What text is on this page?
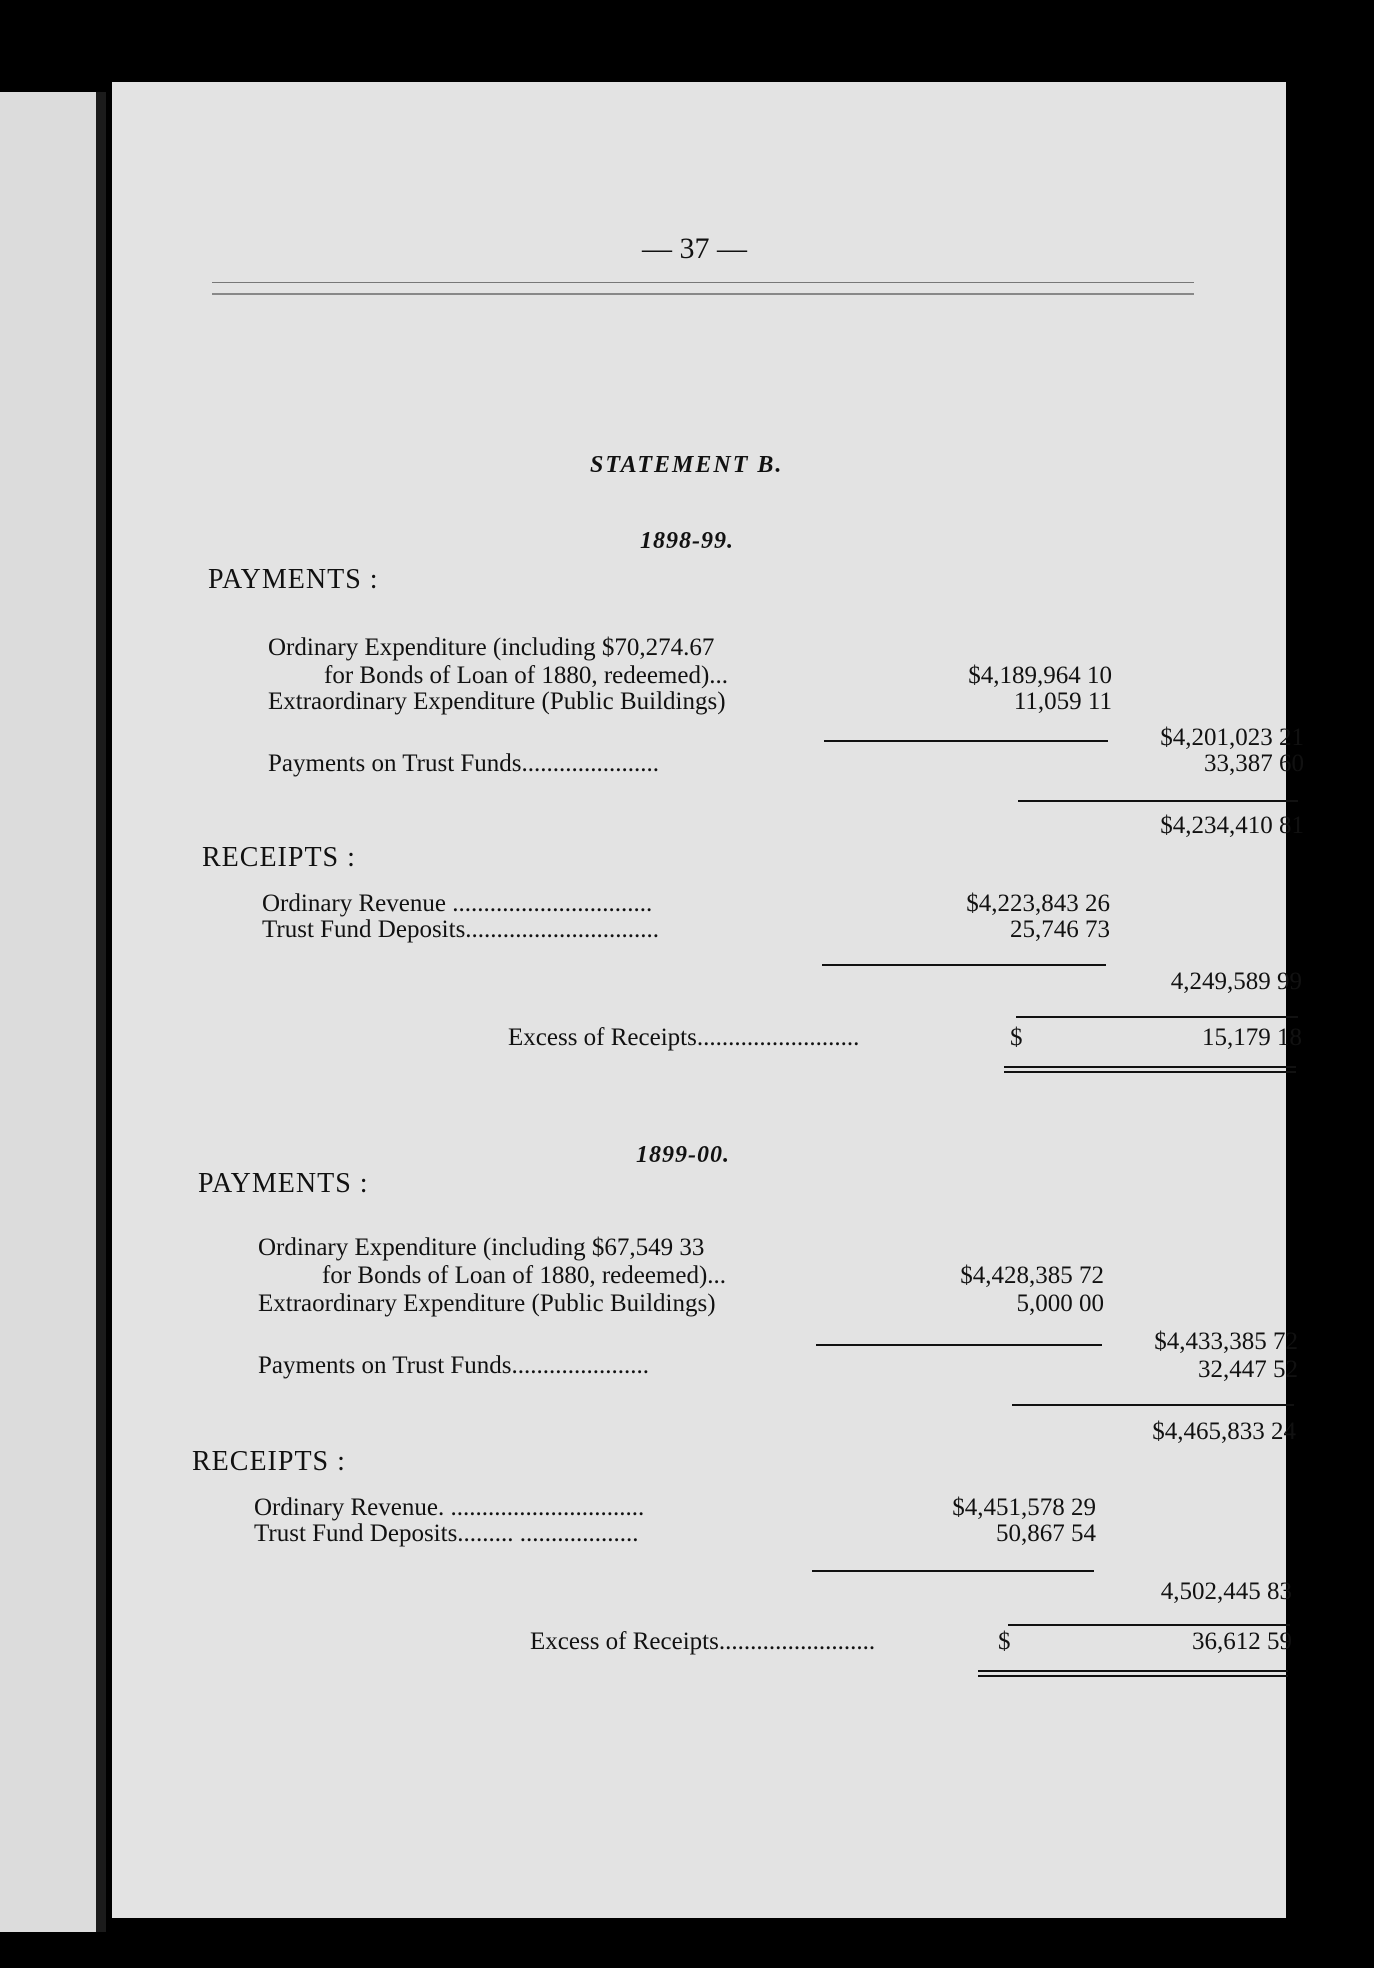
— 37 —
STATEMENT B.
1898-99.
PAYMENTS :
Ordinary Expenditure (including $70,274.67
for Bonds of Loan of 1880, redeemed)...	$4,189,964 10
Extraordinary Expenditure (Public Buildings)	11,059 11
$4,201,023 21
Payments on Trust Funds......................	33,387 60
$4,234,410 81
RECEIPTS :
Ordinary Revenue ................................	$4,223,843 26
Trust Fund Deposits...............................	25,746 73
4,249,589 99
Excess of Receipts..........................	$	15,179 18
1899-00.
PAYMENTS :
Ordinary Expenditure (including $67,549 33
for Bonds of Loan of 1880, redeemed)...	$4,428,385 72
Extraordinary Expenditure (Public Buildings)	5,000 00
$4,433,385 72
Payments on Trust Funds......................	32,447 52
$4,465,833 24
RECEIPTS :
Ordinary Revenue. ...............................	$4,451,578 29
Trust Fund Deposits......... ...................	50,867 54
4,502,445 83
Excess of Receipts.........................	$	36,612 59
